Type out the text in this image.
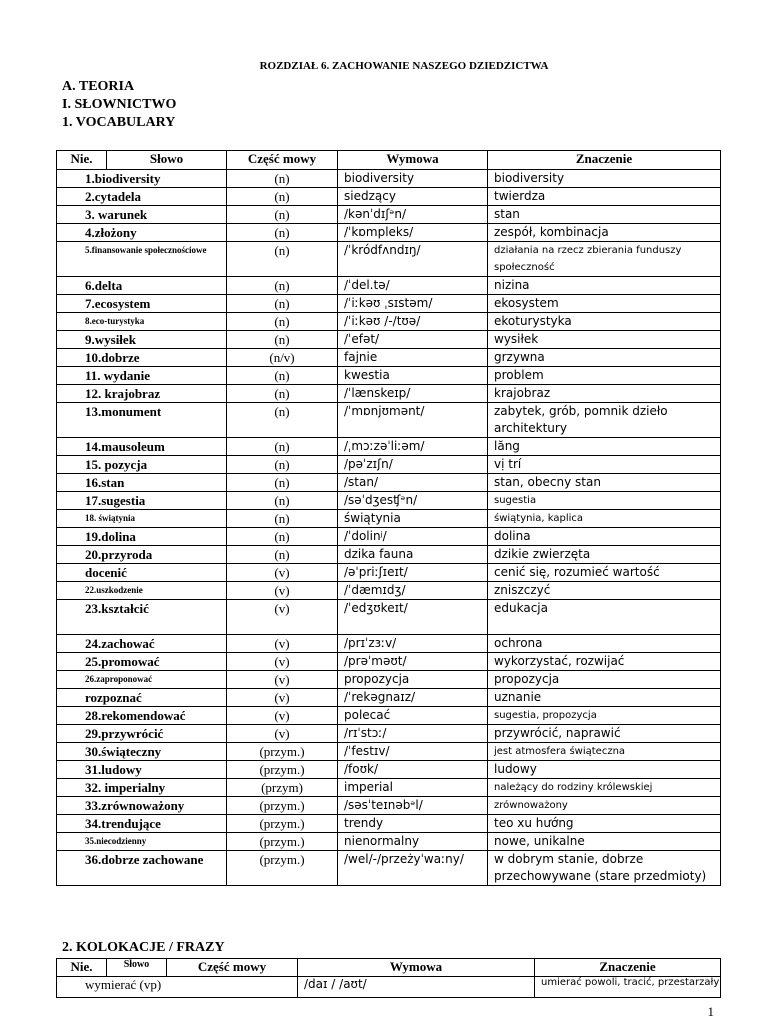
ROZDZIAŁ 6. ZACHOWANIE NASZEGO DZIEDZICTWA
A. TEORIA
I. SŁOWNICTWO
1. VOCABULARY
Nie.	Słowo	Część mowy	Wymowa	Znaczenie
1.biodiversity		(n)	biodiversity	biodiversity
2.cytadela		(n)	siedzący	twierdza
3. warunek		(n)	/kənˈdɪʃᵊn/	stan
4.złożony		(n)	/ˈkɒmpleks/	zespół, kombinacja
5.finansowanie społecznościowe		(n)	/ˈkródfʌndɪŋ/	działania na rzecz zbierania funduszy społeczność
6.delta		(n)	/ˈdel.tə/	nizina
7.ecosystem		(n)	/ˈiːkəʊ ˌsɪstəm/	ekosystem
8.eco-turystyka		(n)	/ˈiːkəʊ /-/tʊə/	ekoturystyka
9.wysiłek		(n)	/ˈefət/	wysiłek
10.dobrze		(n/v)	fajnie	grzywna
11. wydanie		(n)	kwestia	problem
12. krajobraz		(n)	/ˈlænskeɪp/	krajobraz
13.monument		(n)	/ˈmɒnjʊmənt/	zabytek, grób, pomnik dzieło architektury
14.mausoleum		(n)	/ˌmɔːzəˈliːəm/	lăng
15. pozycja		(n)	/pəˈzɪʃn/	vị trí
16.stan		(n)	/stan/	stan, obecny stan
17.sugestia		(n)	/səˈdʒesʧᵊn/	sugestia
18. świątynia		(n)	świątynia	świątynia, kaplica
19.dolina		(n)	/ˈdolinʲ/	dolina
20.przyroda		(n)	dzika fauna	dzikie zwierzęta
docenić		(v)	/əˈpriːʃɪeɪt/	cenić się, rozumieć wartość
22.uszkodzenie		(v)	/ˈdæmɪdʒ/	zniszczyć
23.kształcić		(v)	/ˈedʒʊkeɪt/	edukacja
24.zachować		(v)	/prɪˈzɜːv/	ochrona
25.promować		(v)	/prəˈməʊt/	wykorzystać, rozwijać
26.zaproponować		(v)	propozycja	propozycja
rozpoznać		(v)	/ˈrekəgnaɪz/	uznanie
28.rekomendować		(v)	polecać	sugestia, propozycja
29.przywrócić		(v)	/rɪˈstɔː/	przywrócić, naprawić
30.świąteczny		(przym.)	/ˈfestɪv/	jest atmosfera świąteczna
31.ludowy		(przym.)	/foʊk/	ludowy
32. imperialny		(przym)	imperial	należący do rodziny królewskiej
33.zrównoważony		(przym.)	/səsˈteɪnəbᵊl/	zrównoważony
34.trendujące		(przym.)	trendy	teo xu hướng
35.niecodzienny		(przym.)	nienormalny	nowe, unikalne
36.dobrze zachowane		(przym.)	/wel/-/przeżyˈwaːny/	w dobrym stanie, dobrze przechowywane (stare przedmioty)
2. KOLOKACJE / FRAZY
Nie.	Słowo	Część mowy	Wymowa	Znaczenie
wymierać (vp)			/daɪ / /aʊt/	umierać powoli, tracić, przestarzały
1
